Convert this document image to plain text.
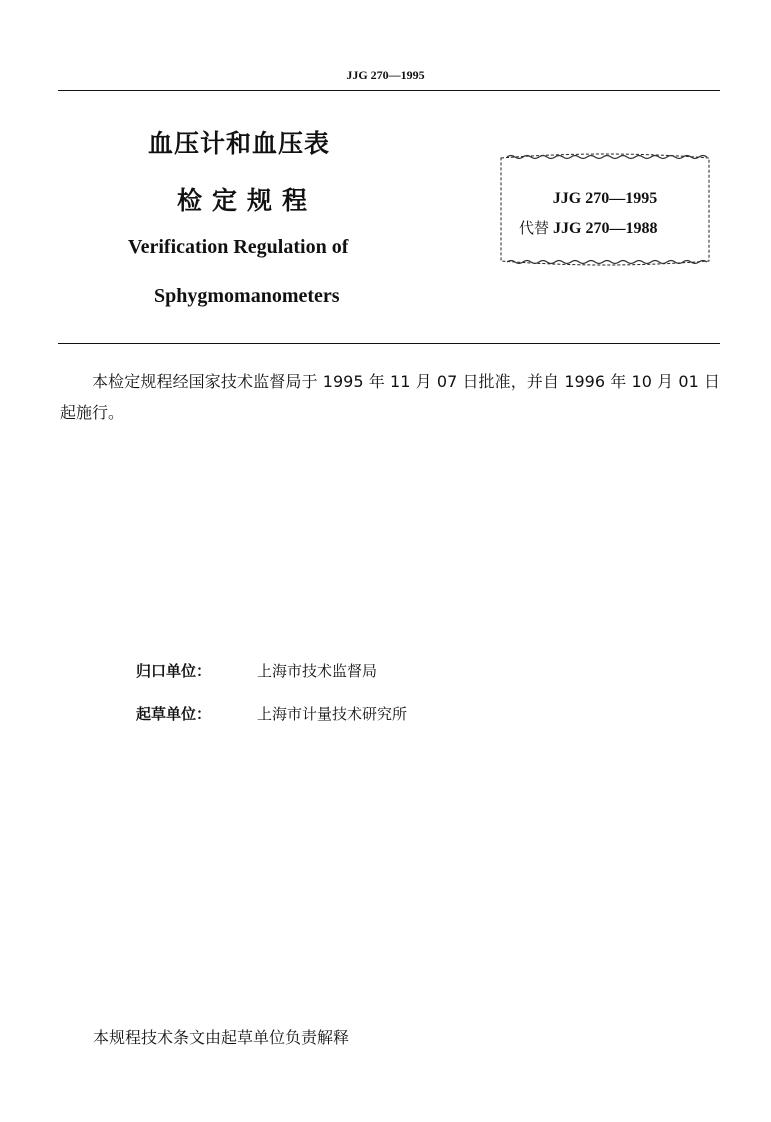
JJG 270—1995
血压计和血压表
检定规程
Verification Regulation of
Sphygmomanometers
JJG 270—1995
代替 JJG 270—1988
本检定规程经国家技术监督局于 1995 年 11 月 07 日批准，并自 1996 年 10 月 01 日起施行。
归口单位：	上海市技术监督局
起草单位：	上海市计量技术研究所
本规程技术条文由起草单位负责解释
